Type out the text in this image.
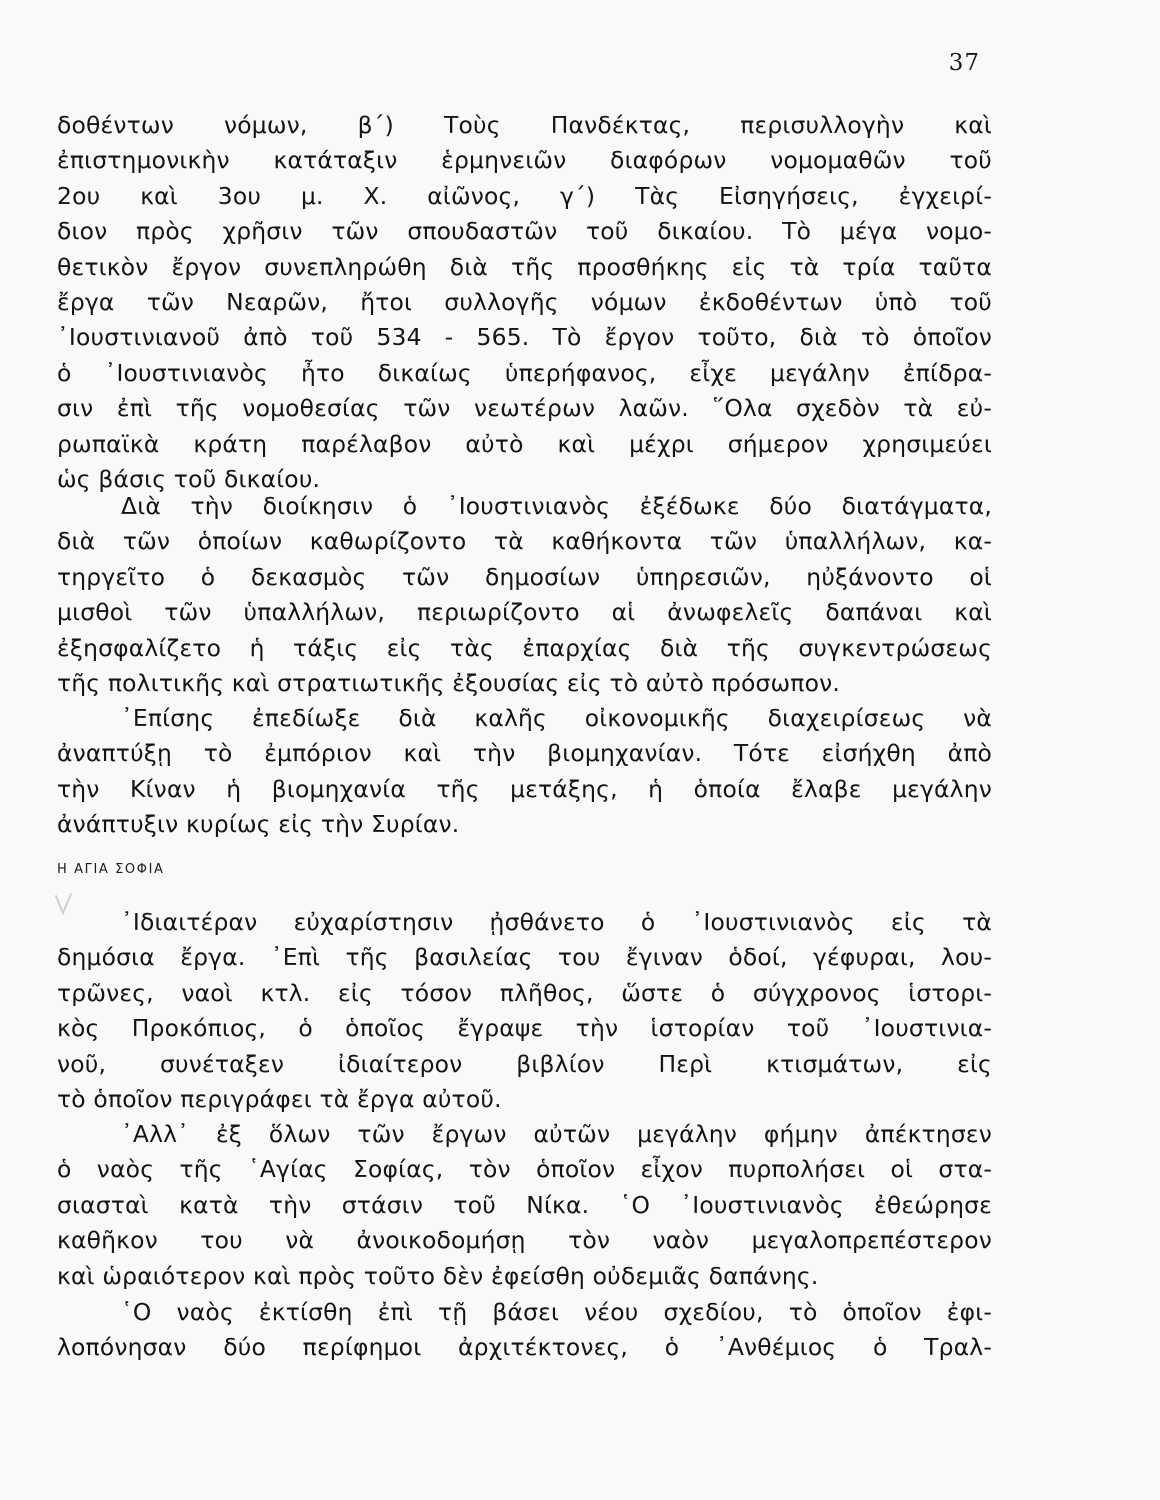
37
δοθέντων νόμων, β΄) Τοὺς Πανδέκτας, περισυλλογὴν καὶ
ἐπιστημονικὴν κατάταξιν ἑρμηνειῶν διαφόρων νομομαθῶν τοῦ
2ου καὶ 3ου μ. Χ. αἰῶνος, γ΄) Τὰς Εἰσηγήσεις, ἐγχειρί-
διον πρὸς χρῆσιν τῶν σπουδαστῶν τοῦ δικαίου. Τὸ μέγα νομο-
θετικὸν ἔργον συνεπληρώθη διὰ τῆς προσθήκης εἰς τὰ τρία ταῦτα
ἔργα τῶν Νεαρῶν, ἤτοι συλλογῆς νόμων ἐκδοθέντων ὑπὸ τοῦ
᾿Ιουστινιανοῦ ἀπὸ τοῦ 534 - 565. Τὸ ἔργον τοῦτο, διὰ τὸ ὁποῖον
ὁ ᾿Ιουστινιανὸς ἦτο δικαίως ὑπερήφανος, εἶχε μεγάλην ἐπίδρα-
σιν ἐπὶ τῆς νομοθεσίας τῶν νεωτέρων λαῶν. ῞Ολα σχεδὸν τὰ εὐ-
ρωπαϊκὰ κράτη παρέλαβον αὐτὸ καὶ μέχρι σήμερον χρησιμεύει
ὡς βάσις τοῦ δικαίου.
Διὰ τὴν διοίκησιν ὁ ᾿Ιουστινιανὸς ἐξέδωκε δύο διατάγματα,
διὰ τῶν ὁποίων καθωρίζοντο τὰ καθήκοντα τῶν ὑπαλλήλων, κα-
τηργεῖτο ὁ δεκασμὸς τῶν δημοσίων ὑπηρεσιῶν, ηὐξάνοντο οἱ
μισθοὶ τῶν ὑπαλλήλων, περιωρίζοντο αἱ ἀνωφελεῖς δαπάναι καὶ
ἐξησφαλίζετο ἡ τάξις εἰς τὰς ἐπαρχίας διὰ τῆς συγκεντρώσεως
τῆς πολιτικῆς καὶ στρατιωτικῆς ἐξουσίας εἰς τὸ αὐτὸ πρόσωπον.
᾿Επίσης ἐπεδίωξε διὰ καλῆς οἰκονομικῆς διαχειρίσεως νὰ
ἀναπτύξῃ τὸ ἐμπόριον καὶ τὴν βιομηχανίαν. Τότε εἰσήχθη ἀπὸ
τὴν Κίναν ἡ βιομηχανία τῆς μετάξης, ἡ ὁποία ἔλαβε μεγάλην
ἀνάπτυξιν κυρίως εἰς τὴν Συρίαν.
Η ΑΓΙΑ ΣΟΦΙΑ
᾿Ιδιαιτέραν εὐχαρίστησιν ᾐσθάνετο ὁ ᾿Ιουστινιανὸς εἰς τὰ
δημόσια ἔργα. ᾿Επὶ τῆς βασιλείας του ἔγιναν ὁδοί, γέφυραι, λου-
τρῶνες, ναοὶ κτλ. εἰς τόσον πλῆθος, ὥστε ὁ σύγχρονος ἱστορι-
κὸς Προκόπιος, ὁ ὁποῖος ἔγραψε τὴν ἱστορίαν τοῦ ᾿Ιουστινια-
νοῦ, συνέταξεν ἰδιαίτερον βιβλίον Περὶ κτισμάτων, εἰς
τὸ ὁποῖον περιγράφει τὰ ἔργα αὐτοῦ.
᾿Αλλ᾿ ἐξ ὅλων τῶν ἔργων αὐτῶν μεγάλην φήμην ἀπέκτησεν
ὁ ναὸς τῆς ῾Αγίας Σοφίας, τὸν ὁποῖον εἶχον πυρπολήσει οἱ στα-
σιασταὶ κατὰ τὴν στάσιν τοῦ Νίκα. ῾Ο ᾿Ιουστινιανὸς ἐθεώρησε
καθῆκον του νὰ ἀνοικοδομήσῃ τὸν ναὸν μεγαλοπρεπέστερον
καὶ ὡραιότερον καὶ πρὸς τοῦτο δὲν ἐφείσθη οὐδεμιᾶς δαπάνης.
῾Ο ναὸς ἐκτίσθη ἐπὶ τῇ βάσει νέου σχεδίου, τὸ ὁποῖον ἐφι-
λοπόνησαν δύο περίφημοι ἀρχιτέκτονες, ὁ ᾿Ανθέμιος ὁ Τραλ-
